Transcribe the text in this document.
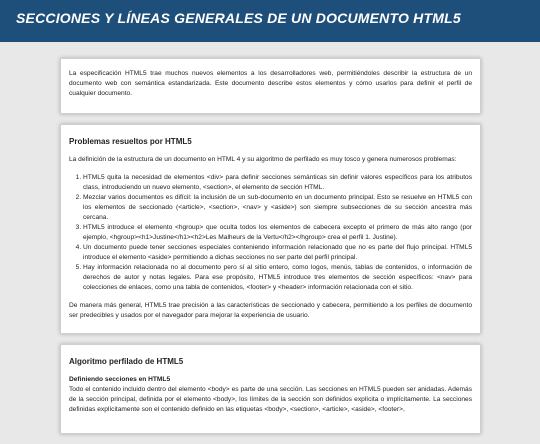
SECCIONES Y LÍNEAS GENERALES DE UN DOCUMENTO HTML5

La especificación HTML5 trae muchos nuevos elementos a los desarrolladores web, permitiéndoles describir la estructura de un documento web con semántica estandarizada. Este documento describe estos elementos y cómo usarlos para definir el perfil de cualquier documento.

Problemas resueltos por HTML5

La definición de la estructura de un documento en HTML 4 y su algoritmo de perfilado es muy tosco y genera numerosos problemas:

1. HTML5 quita la necesidad de elementos <div> para definir secciones semánticas sin definir valores específicos para los atributos class, introduciendo un nuevo elemento, <section>, el elemento de sección HTML.
2. Mezclar varios documentos es difícil: la inclusión de un sub-documento en un documento principal. Esto se resuelve en HTML5 con los elementos de seccionado (<article>, <section>, <nav> y <aside>) son siempre subsecciones de su sección ancestra más cercana.
3. HTML5 introduce el elemento <hgroup> que oculta todos los elementos de cabecera excepto el primero de más alto rango (por ejemplo, <hgroup><h1>Justine</h1><h2>Les Malheurs de la Vertu</h2></hgroup> crea el perfil 1. Justine).
4. Un documento puede tener secciones especiales conteniendo información relacionado que no es parte del flujo principal. HTML5 introduce el elemento <aside> permitiendo a dichas secciones no ser parte del perfil principal.
5. Hay información relacionada no al documento pero sí al sitio entero, como logos, menús, tablas de contenidos, o información de derechos de autor y notas legales. Para ese propósito, HTML5 introduce tres elementos de sección específicos: <nav> para colecciones de enlaces, como una tabla de contenidos, <footer> y <header> información relacionada con el sitio.

De manera más general, HTML5 trae precisión a las características de seccionado y cabecera, permitiendo a los perfiles de documento ser predecibles y usados por el navegador para mejorar la experiencia de usuario.

Algoritmo perfilado de HTML5
Definiendo secciones en HTML5

Todo el contenido incluido dentro del elemento <body> es parte de una sección. Las secciones en HTML5 pueden ser anidadas. Además de la sección principal, definida por el elemento <body>, los límites de la sección son definidos explícita o implícitamente. La secciones definidas explícitamente son el contenido definido en las etiquetas <body>, <section>, <article>, <aside>, <footer>,
